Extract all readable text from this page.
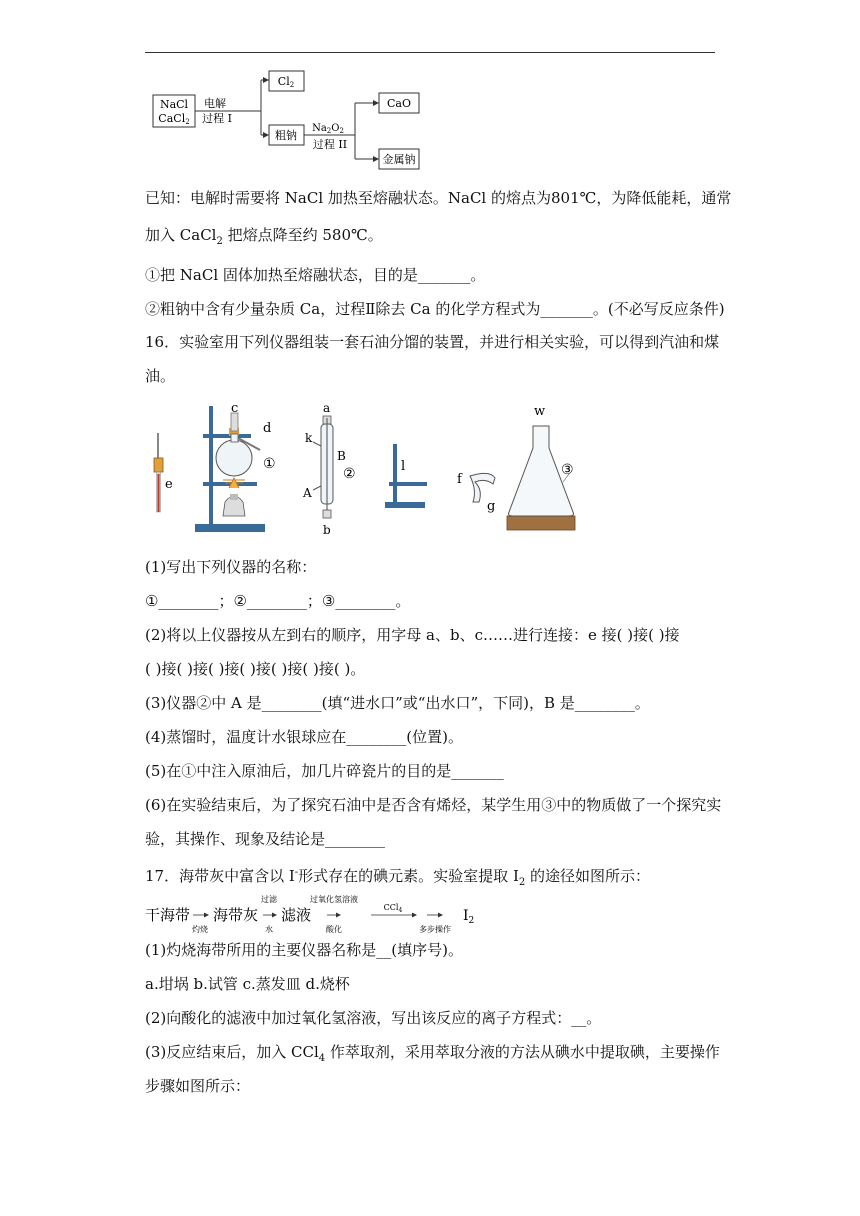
NaCl
CaCl2
电解
过程 I
Cl2
粗钠
$Na_2O_2$
过程 II
CaO
金属钠
已知：电解时需要将 NaCl 加热至熔融状态。NaCl 的熔点为801℃，为降低能耗，通常
加入 CaCl$_2$ 把熔点降至约 580℃。
①把 NaCl 固体加热至熔融状态，目的是_______。
②粗钠中含有少量杂质 Ca，过程Ⅱ除去 Ca 的化学方程式为_______。(不必写反应条件)
16．实验室用下列仪器组装一套石油分馏的装置，并进行相关实验，可以得到汽油和煤
油。
e
c
d
①
a
k
B
②
A
b
l
f
g
w
③
(1)写出下列仪器的名称：
①________；②________；③________。
(2)将以上仪器按从左到右的顺序，用字母 a、b、c……进行连接：e 接( )接( )接
( )接( )接( )接( )接( )接( )接( )。
(3)仪器②中 A 是________(填“进水口”或“出水口”，下同)，B 是________。
(4)蒸馏时，温度计水银球应在________(位置)。
(5)在①中注入原油后，加几片碎瓷片的目的是_______
(6)在实验结束后，为了探究石油中是否含有烯烃，某学生用③中的物质做了一个探究实
验，其操作、现象及结论是________
17．海带灰中富含以 I-形式存在的碘元素。实验室提取 $I_2$ 的途径如图所示：
干海带
灼烧
海带灰
过滤
水
滤液
过氧化氢溶液
酸化
CCl$_4$
多步操作
$I_2$
(1)灼烧海带所用的主要仪器名称是__(填序号)。
a.坩埚 b.试管 c.蒸发皿 d.烧杯
(2)向酸化的滤液中加过氧化氢溶液，写出该反应的离子方程式：__。
(3)反应结束后，加入 CCl$_4$ 作萃取剂，采用萃取分液的方法从碘水中提取碘，主要操作
步骤如图所示：
